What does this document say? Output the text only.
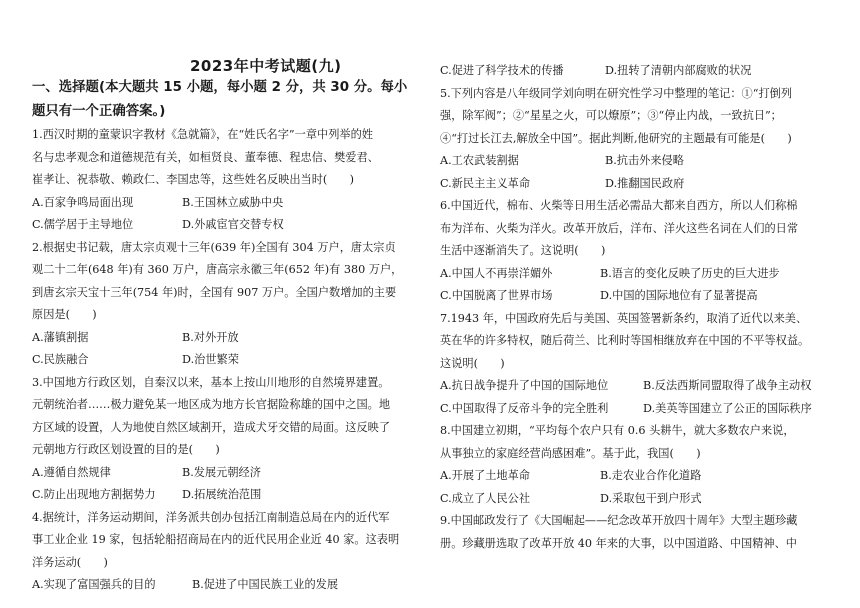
2023年中考试题(九)
一、选择题(本大题共 15 小题，每小题 2 分，共 30 分。每小
题只有一个正确答案。)
1.西汉时期的童蒙识字教材《急就篇》，在“姓氏名字”一章中列举的姓
名与忠孝观念和道德规范有关，如桓贤良、董奉德、程忠信、樊爱君、
崔孝让、祝恭敬、赖政仁、李国忠等，这些姓名反映出当时(　　)
A.百家争鸣局面出现	B.王国林立威胁中央
C.儒学居于主导地位	D.外戚宦官交替专权
2.根据史书记载，唐太宗贞观十三年(639 年)全国有 304 万户，唐太宗贞
观二十二年(648 年)有 360 万户，唐高宗永徽三年(652 年)有 380 万户，
到唐玄宗天宝十三年(754 年)时，全国有 907 万户。全国户数增加的主要
原因是(　　)
A.藩镇割据	B.对外开放
C.民族融合	D.治世繁荣
3.中国地方行政区划，自秦汉以来，基本上按山川地形的自然境界建置。
元朝统治者……极力避免某一地区成为地方长官据险称雄的国中之国。地
方区域的设置，人为地使自然区域割开，造成犬牙交错的局面。这反映了
元朝地方行政区划设置的目的是(　　)
A.遵循自然规律	B.发展元朝经济
C.防止出现地方割据势力	D.拓展统治范围
4.据统计，洋务运动期间，洋务派共创办包括江南制造总局在内的近代军
事工业企业 19 家，包括轮船招商局在内的近代民用企业近 40 家。这表明
洋务运动(　　)
A.实现了富国强兵的目的	B.促进了中国民族工业的发展
C.促进了科学技术的传播	D.扭转了清朝内部腐败的状况
5.下列内容是八年级同学刘向明在研究性学习中整理的笔记：①“打倒列
强，除军阀”；②“星星之火，可以燎原”；③“停止内战，一致抗日”；
④“打过长江去,解放全中国”。据此判断,他研究的主题最有可能是(　　)
A.工农武装割据	B.抗击外来侵略
C.新民主主义革命	D.推翻国民政府
6.中国近代，棉布、火柴等日用生活必需品大都来自西方，所以人们称棉
布为洋布、火柴为洋火。改革开放后，洋布、洋火这些名词在人们的日常
生活中逐渐消失了。这说明(　　)
A.中国人不再崇洋媚外	B.语言的变化反映了历史的巨大进步
C.中国脱离了世界市场	D.中国的国际地位有了显著提高
7.1943 年，中国政府先后与美国、英国签署新条约，取消了近代以来美、
英在华的许多特权，随后荷兰、比利时等国相继放弃在中国的不平等权益。
这说明(　　)
A.抗日战争提升了中国的国际地位	B.反法西斯同盟取得了战争主动权
C.中国取得了反帝斗争的完全胜利	D.美英等国建立了公正的国际秩序
8.中国建立初期，“平均每个农户只有 0.6 头耕牛，就大多数农户来说，
从事独立的家庭经营尚感困难”。基于此，我国(　　)
A.开展了土地革命	B.走农业合作化道路
C.成立了人民公社	D.采取包干到户形式
9.中国邮政发行了《大国崛起——纪念改革开放四十周年》大型主题珍藏
册。珍藏册选取了改革开放 40 年来的大事，以中国道路、中国精神、中
